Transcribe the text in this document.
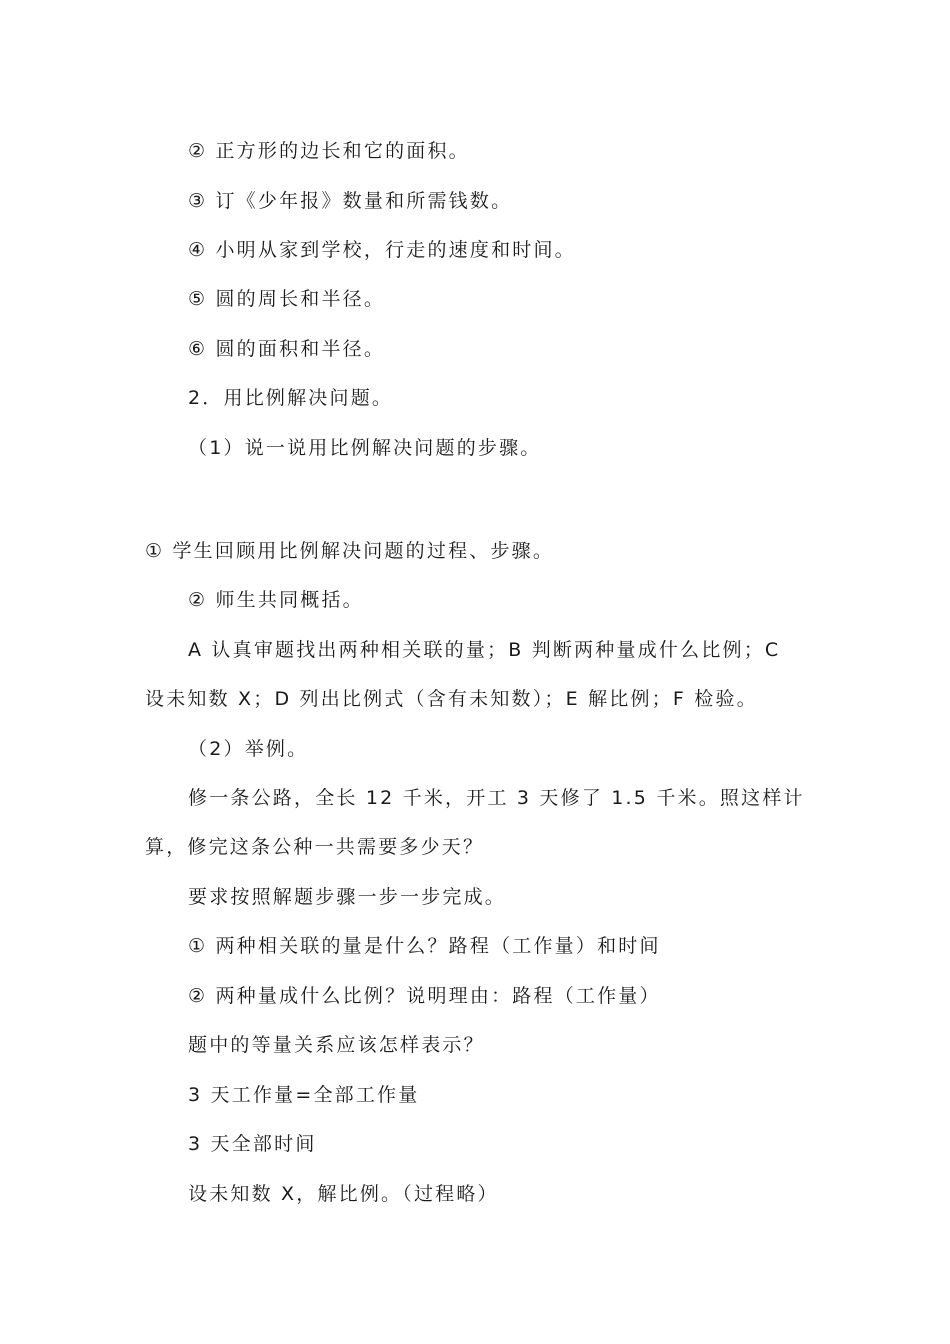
② 正方形的边长和它的面积。
③ 订《少年报》数量和所需钱数。
④ 小明从家到学校，行走的速度和时间。
⑤ 圆的周长和半径。
⑥ 圆的面积和半径。
2．用比例解决问题。
（1）说一说用比例解决问题的步骤。
① 学生回顾用比例解决问题的过程、步骤。
② 师生共同概括。
A 认真审题找出两种相关联的量；B 判断两种量成什么比例；C
设未知数 X；D 列出比例式（含有未知数）；E 解比例；F 检验。
（2）举例。
修一条公路，全长 12 千米，开工 3 天修了 1.5 千米。照这样计
算，修完这条公种一共需要多少天？
要求按照解题步骤一步一步完成。
① 两种相关联的量是什么？路程（工作量）和时间
② 两种量成什么比例？说明理由：路程（工作量）
题中的等量关系应该怎样表示？
3 天工作量=全部工作量
3 天全部时间
设未知数 X，解比例。（过程略）
